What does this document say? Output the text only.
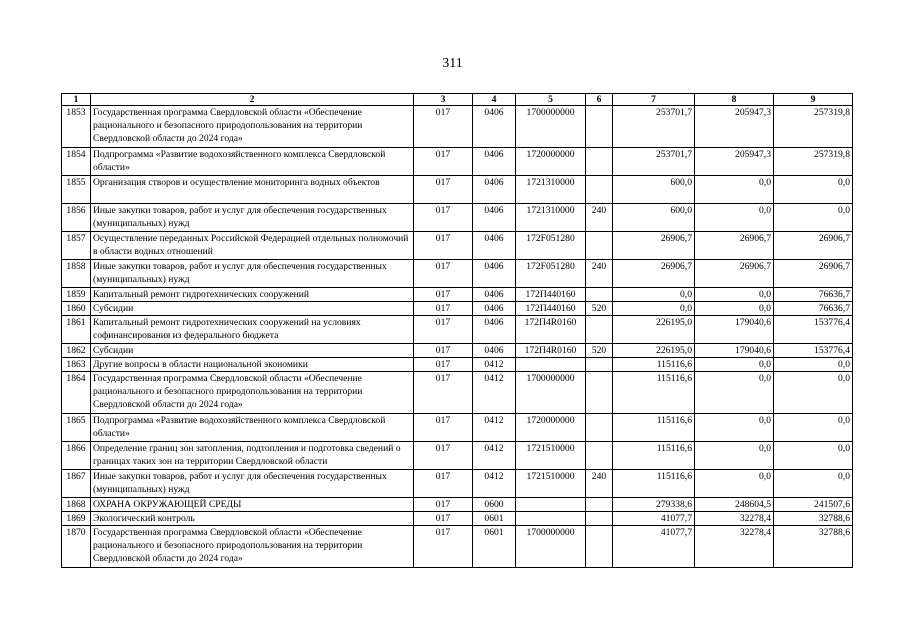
311
1	2	3	4	5	6	7	8	9
1853	Государственная программа Свердловской области «Обеспечение рационального и безопасного природопользования на территории Свердловской области до 2024 года»	017	0406	1700000000		253701,7	205947,3	257319,8
1854	Подпрограмма «Развитие водохозяйственного комплекса Свердловской области»	017	0406	1720000000		253701,7	205947,3	257319,8
1855	Организация створов и осуществление мониторинга водных объектов	017	0406	1721310000		600,0	0,0	0,0
1856	Иные закупки товаров, работ и услуг для обеспечения государственных (муниципальных) нужд	017	0406	1721310000	240	600,0	0,0	0,0
1857	Осуществление переданных Российской Федерацией отдельных полномочий в области водных отношений	017	0406	172F051280		26906,7	26906,7	26906,7
1858	Иные закупки товаров, работ и услуг для обеспечения государственных (муниципальных) нужд	017	0406	172F051280	240	26906,7	26906,7	26906,7
1859	Капитальный ремонт гидротехнических сооружений	017	0406	172П440160		0,0	0,0	76636,7
1860	Субсидии	017	0406	172П440160	520	0,0	0,0	76636,7
1861	Капитальный ремонт гидротехнических сооружений на условиях софинансирования из федерального бюджета	017	0406	172П4R0160		226195,0	179040,6	153776,4
1862	Субсидии	017	0406	172П4R0160	520	226195,0	179040,6	153776,4
1863	Другие вопросы в области национальной экономики	017	0412			115116,6	0,0	0,0
1864	Государственная программа Свердловской области «Обеспечение рационального и безопасного природопользования на территории Свердловской области до 2024 года»	017	0412	1700000000		115116,6	0,0	0,0
1865	Подпрограмма «Развитие водохозяйственного комплекса Свердловской области»	017	0412	1720000000		115116,6	0,0	0,0
1866	Определение границ зон затопления, подтопления и подготовка сведений о границах таких зон на территории Свердловской области	017	0412	1721510000		115116,6	0,0	0,0
1867	Иные закупки товаров, работ и услуг для обеспечения государственных (муниципальных) нужд	017	0412	1721510000	240	115116,6	0,0	0,0
1868	ОХРАНА ОКРУЖАЮЩЕЙ СРЕДЫ	017	0600			279338,6	248604,5	241507,6
1869	Экологический контроль	017	0601			41077,7	32278,4	32788,6
1870	Государственная программа Свердловской области «Обеспечение рационального и безопасного природопользования на территории Свердловской области до 2024 года»	017	0601	1700000000		41077,7	32278,4	32788,6
